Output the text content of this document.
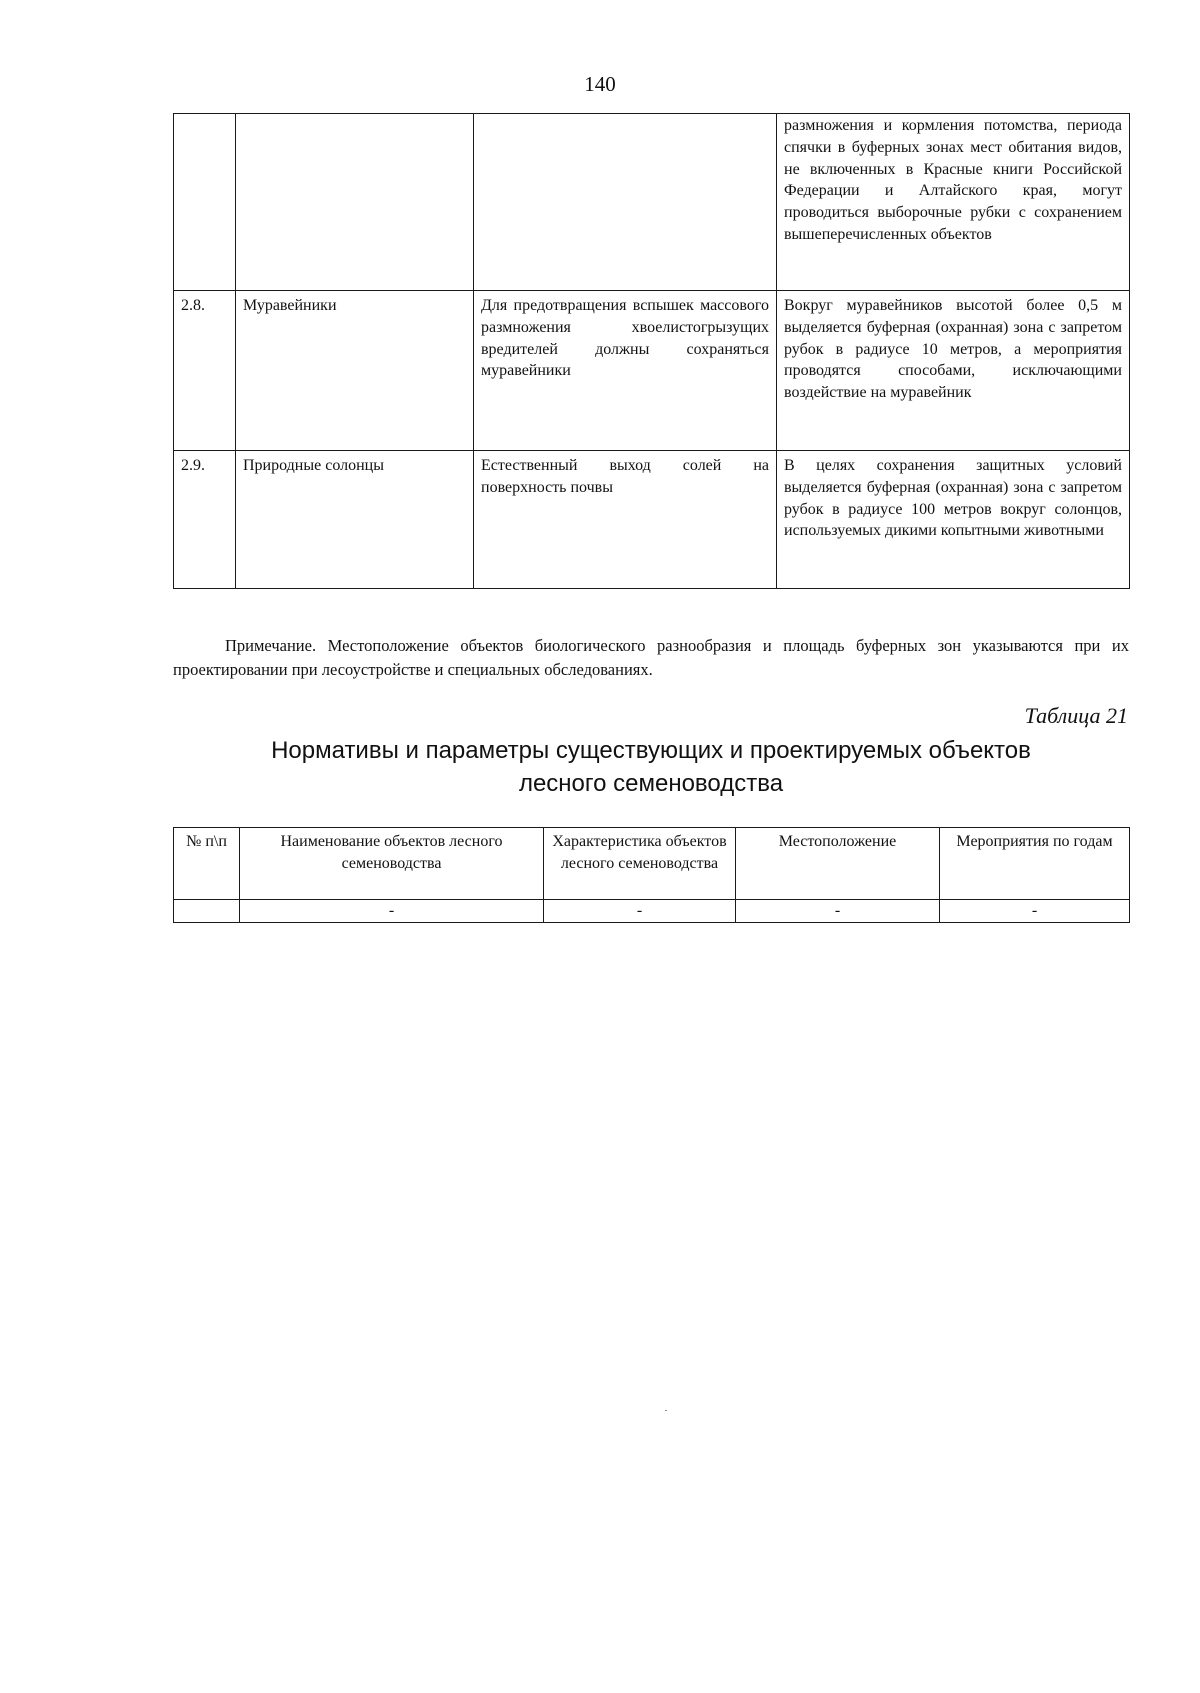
140
			размножения и кормления потомства, периода спячки в буферных зонах мест обитания видов, не включенных в Красные книги Российской Федерации и Алтайского края, могут проводиться выборочные рубки с сохранением вышеперечисленных объектов
2.8.	Муравейники	Для предотвращения вспышек массового размножения хвоелистогрызущих вредителей должны сохраняться муравейники	Вокруг муравейников высотой более 0,5 м выделяется буферная (охранная) зона с запретом рубок в радиусе 10 метров, а мероприятия проводятся способами, исключающими воздействие на муравейник
2.9.	Природные солонцы	Естественный выход солей на поверхность почвы	В целях сохранения защитных условий выделяется буферная (охранная) зона с запретом рубок в радиусе 100 метров вокруг солонцов, используемых дикими копытными животными
Примечание. Местоположение объектов биологического разнообразия и площадь буферных зон указываются при их проектировании при лесоустройстве и специальных обследованиях.
Таблица 21
Нормативы и параметры существующих и проектируемых объектов
лесного семеноводства
№ п\п	Наименование объектов лесного семеноводства	Характеристика объектов лесного семеноводства	Местоположение	Мероприятия по годам
	-	-	-	-
